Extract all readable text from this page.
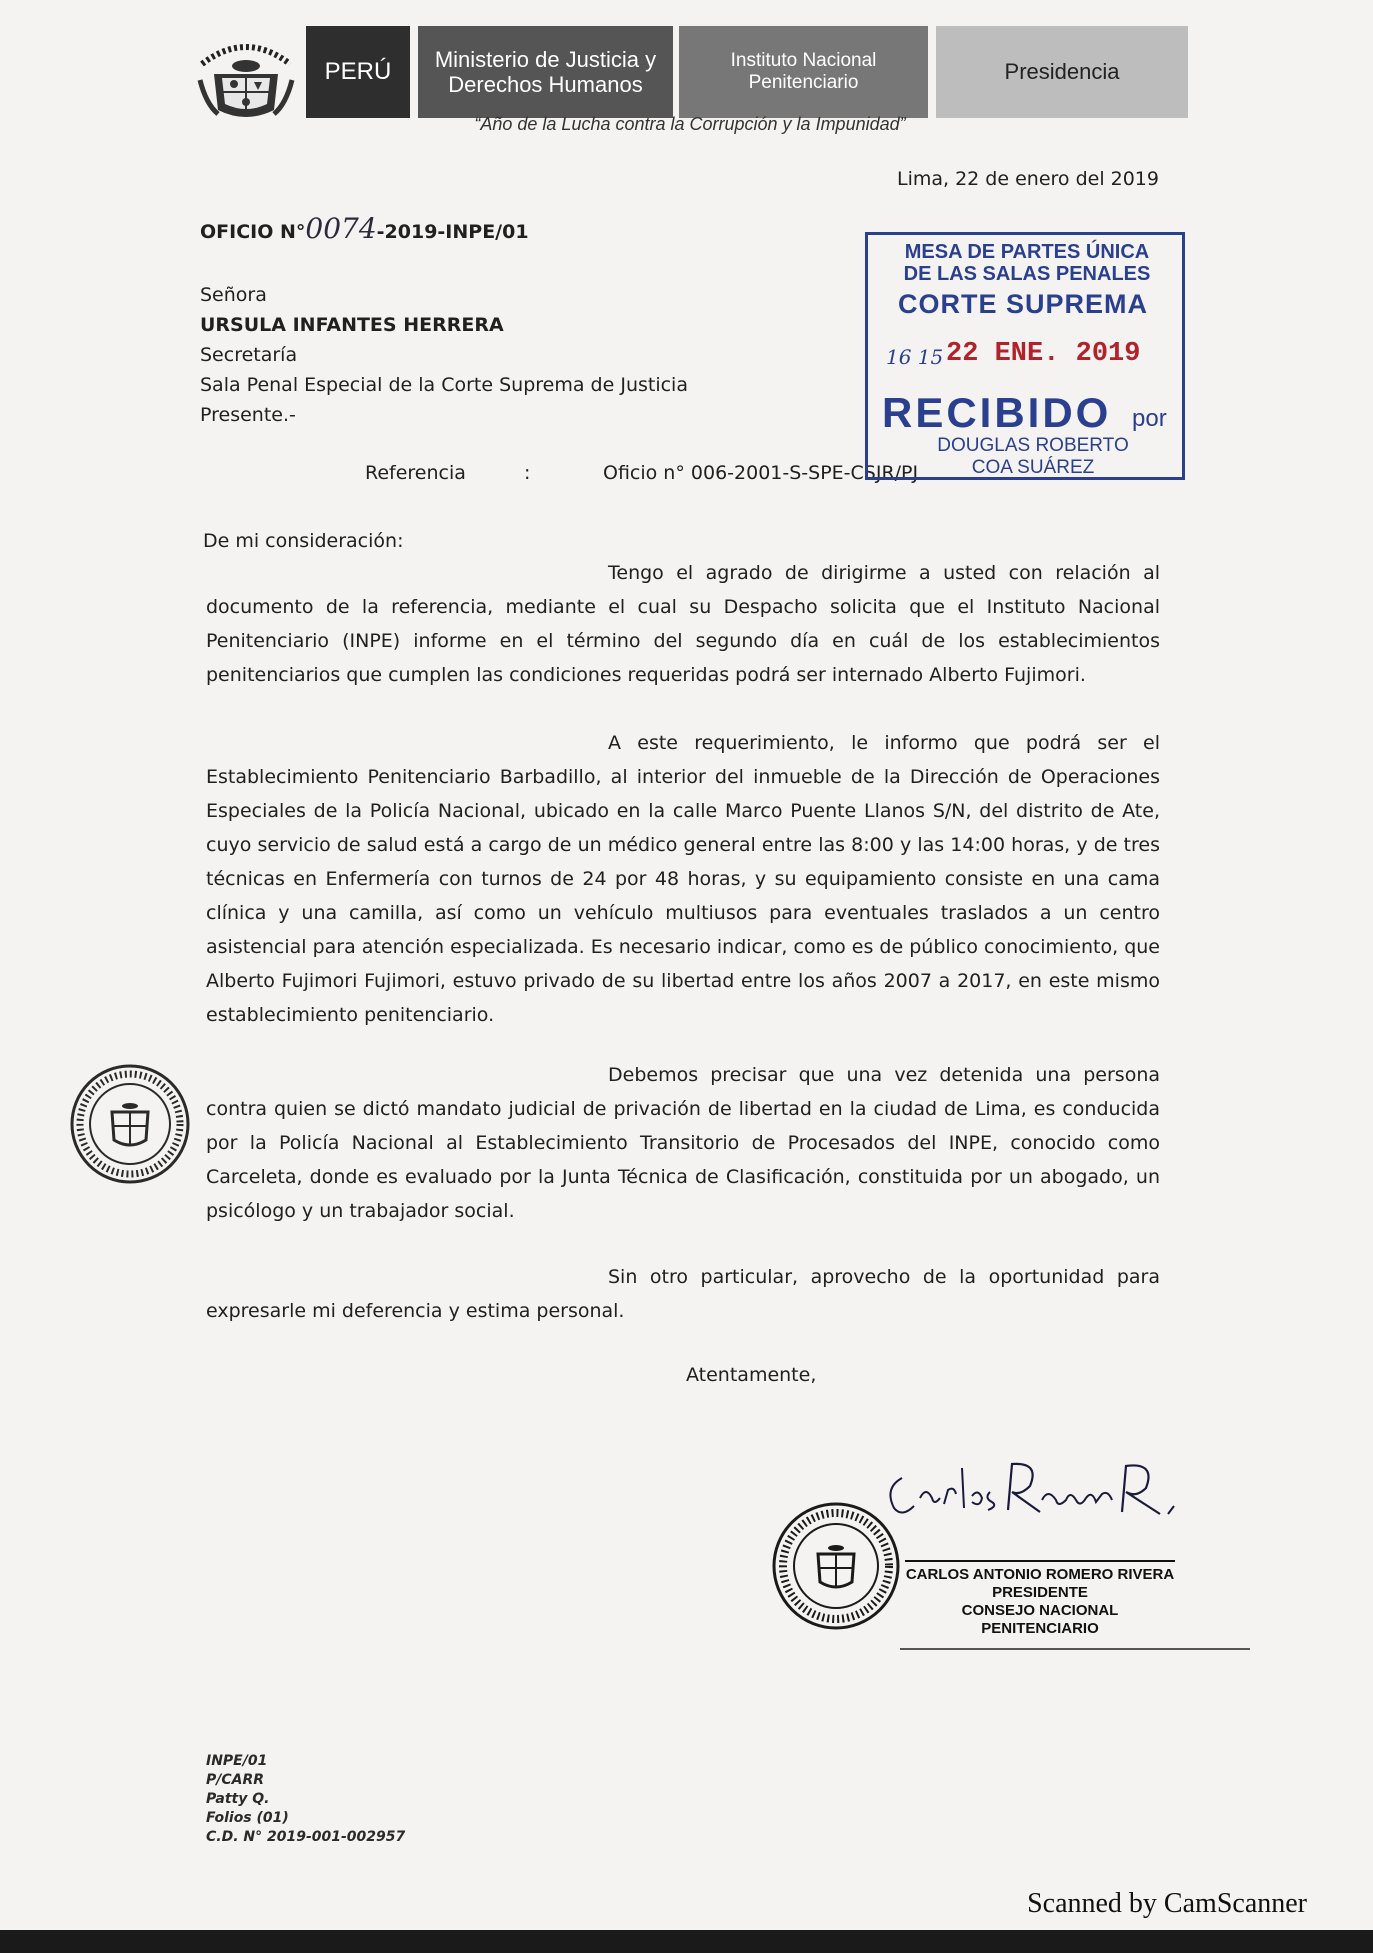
PERÚ	Ministerio de Justicia y Derechos Humanos
Instituto Nacional Penitenciario	Presidencia
“Año de la Lucha contra la Corrupción y la Impunidad”
Lima, 22 de enero del 2019
OFICIO N°0074-2019-INPE/01
Señora
URSULA INFANTES HERRERA
Secretaría
Sala Penal Especial de la Corte Suprema de Justicia
Presente.-
Referencia	:	Oficio n° 006-2001-S-SPE-CSJR/PJ
MESA DE PARTES ÚNICA
DE LAS SALAS PENALES
CORTE SUPREMA
16 15 22 ENE. 2019
RECIBIDO por
DOUGLAS ROBERTO
COA SUÁREZ
De mi consideración:
Tengo el agrado de dirigirme a usted con relación al documento de la referencia, mediante el cual su Despacho solicita que el Instituto Nacional Penitenciario (INPE) informe en el término del segundo día en cuál de los establecimientos penitenciarios que cumplen las condiciones requeridas podrá ser internado Alberto Fujimori.
A este requerimiento, le informo que podrá ser el Establecimiento Penitenciario Barbadillo, al interior del inmueble de la Dirección de Operaciones Especiales de la Policía Nacional, ubicado en la calle Marco Puente Llanos S/N, del distrito de Ate, cuyo servicio de salud está a cargo de un médico general entre las 8:00 y las 14:00 horas, y de tres técnicas en Enfermería con turnos de 24 por 48 horas, y su equipamiento consiste en una cama clínica y una camilla, así como un vehículo multiusos para eventuales traslados a un centro asistencial para atención especializada. Es necesario indicar, como es de público conocimiento, que Alberto Fujimori Fujimori, estuvo privado de su libertad entre los años 2007 a 2017, en este mismo establecimiento penitenciario.
Debemos precisar que una vez detenida una persona contra quien se dictó mandato judicial de privación de libertad en la ciudad de Lima, es conducida por la Policía Nacional al Establecimiento Transitorio de Procesados del INPE, conocido como Carceleta, donde es evaluado por la Junta Técnica de Clasificación, constituida por un abogado, un psicólogo y un trabajador social.
Sin otro particular, aprovecho de la oportunidad para expresarle mi deferencia y estima personal.
Atentamente,
CARLOS ANTONIO ROMERO RIVERA
PRESIDENTE
CONSEJO NACIONAL PENITENCIARIO
INPE/01
P/CARR
Patty Q.
Folios (01)
C.D. N° 2019-001-002957
Scanned by CamScanner
